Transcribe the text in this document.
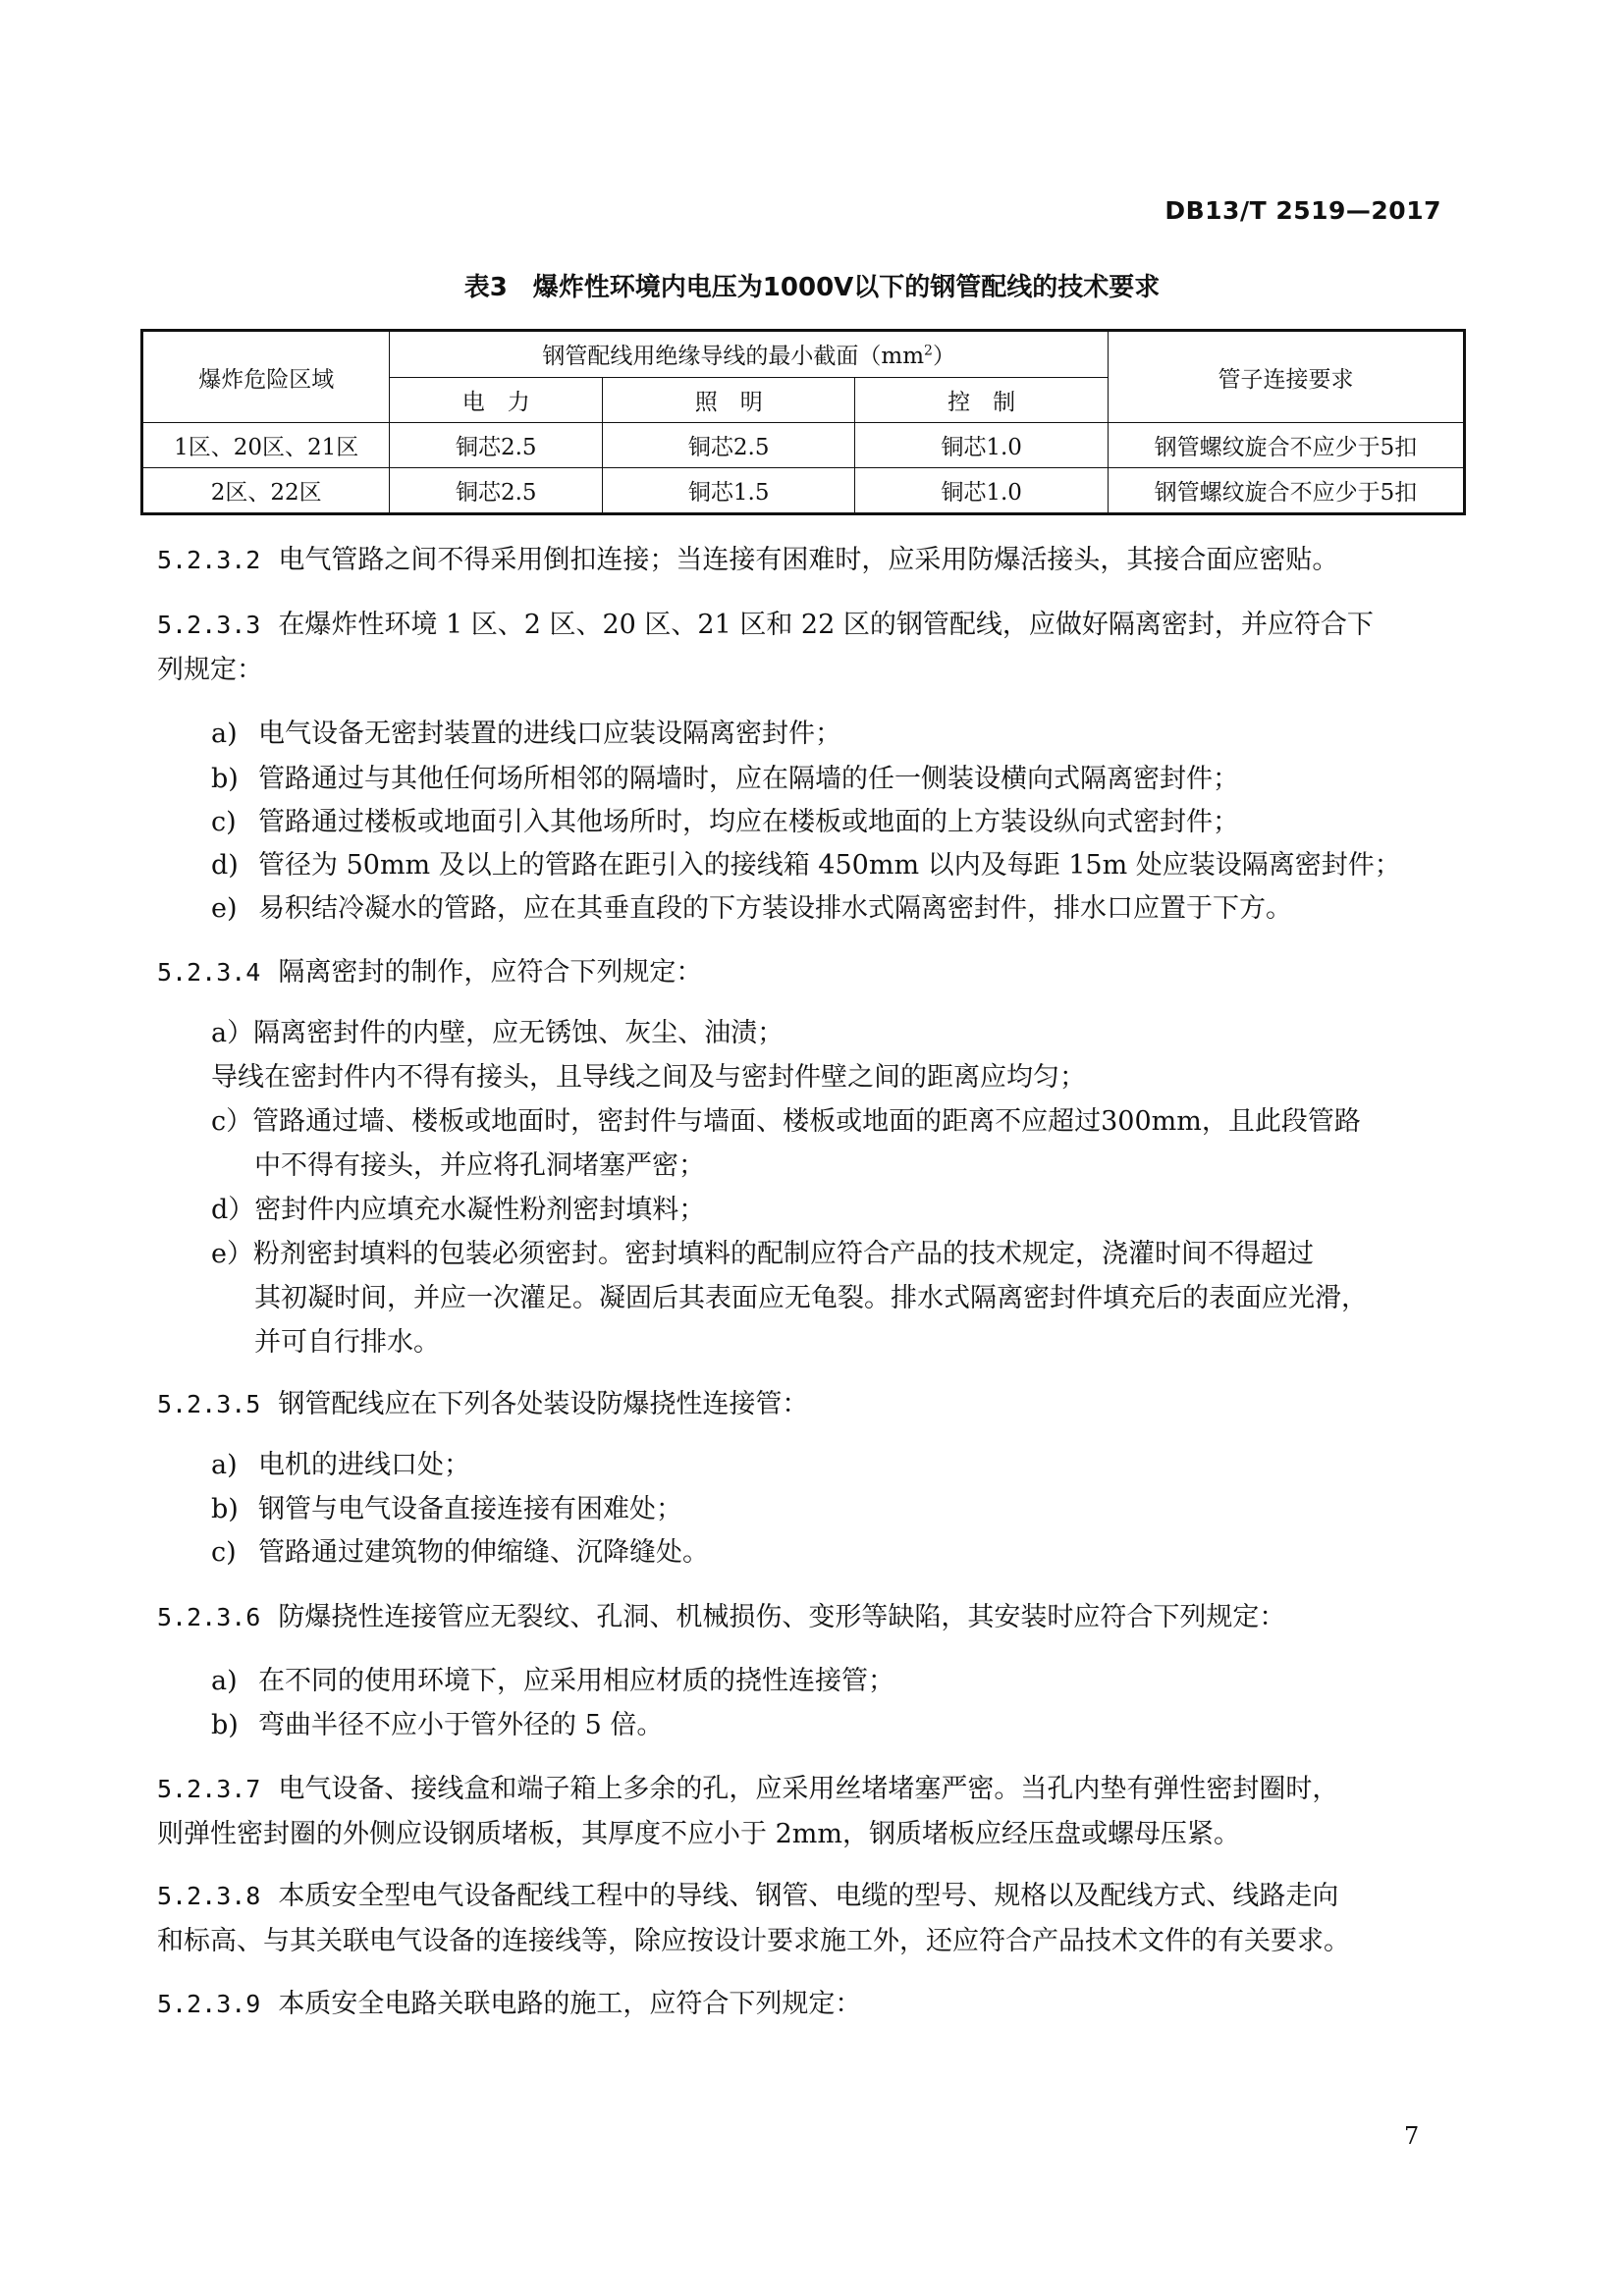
DB13/T 2519—2017
表3 爆炸性环境内电压为1000V以下的钢管配线的技术要求
爆炸危险区域	钢管配线用绝缘导线的最小截面$(mm^2)$			管子连接要求
	电　力	照　明	控　制	
1区、20区、21区	铜芯2.5	铜芯2.5	铜芯1.0	钢管螺纹旋合不应少于5扣
2区、22区	铜芯2.5	铜芯1.5	铜芯1.0	钢管螺纹旋合不应少于5扣
5.2.3.2 电气管路之间不得采用倒扣连接；当连接有困难时，应采用防爆活接头，其接合面应密贴。
5.2.3.3 在爆炸性环境 1 区、2 区、20 区、21 区和 22 区的钢管配线，应做好隔离密封，并应符合下
列规定：
a) 电气设备无密封装置的进线口应装设隔离密封件；
b) 管路通过与其他任何场所相邻的隔墙时，应在隔墙的任一侧装设横向式隔离密封件；
c) 管路通过楼板或地面引入其他场所时，均应在楼板或地面的上方装设纵向式密封件；
d) 管径为 50mm 及以上的管路在距引入的接线箱 450mm 以内及每距 15m 处应装设隔离密封件；
e) 易积结冷凝水的管路，应在其垂直段的下方装设排水式隔离密封件，排水口应置于下方。
5.2.3.4 隔离密封的制作，应符合下列规定：
a）隔离密封件的内壁，应无锈蚀、灰尘、油渍；
导线在密封件内不得有接头，且导线之间及与密封件壁之间的距离应均匀；
c）管路通过墙、楼板或地面时，密封件与墙面、楼板或地面的距离不应超过300mm，且此段管路
中不得有接头，并应将孔洞堵塞严密；
d）密封件内应填充水凝性粉剂密封填料；
e）粉剂密封填料的包装必须密封。密封填料的配制应符合产品的技术规定，浇灌时间不得超过
其初凝时间，并应一次灌足。凝固后其表面应无龟裂。排水式隔离密封件填充后的表面应光滑，
并可自行排水。
5.2.3.5 钢管配线应在下列各处装设防爆挠性连接管：
a) 电机的进线口处；
b) 钢管与电气设备直接连接有困难处；
c) 管路通过建筑物的伸缩缝、沉降缝处。
5.2.3.6 防爆挠性连接管应无裂纹、孔洞、机械损伤、变形等缺陷，其安装时应符合下列规定：
a) 在不同的使用环境下，应采用相应材质的挠性连接管；
b) 弯曲半径不应小于管外径的 5 倍。
5.2.3.7 电气设备、接线盒和端子箱上多余的孔，应采用丝堵堵塞严密。当孔内垫有弹性密封圈时，
则弹性密封圈的外侧应设钢质堵板，其厚度不应小于 2mm，钢质堵板应经压盘或螺母压紧。
5.2.3.8 本质安全型电气设备配线工程中的导线、钢管、电缆的型号、规格以及配线方式、线路走向
和标高、与其关联电气设备的连接线等，除应按设计要求施工外，还应符合产品技术文件的有关要求。
5.2.3.9 本质安全电路关联电路的施工，应符合下列规定：
7
